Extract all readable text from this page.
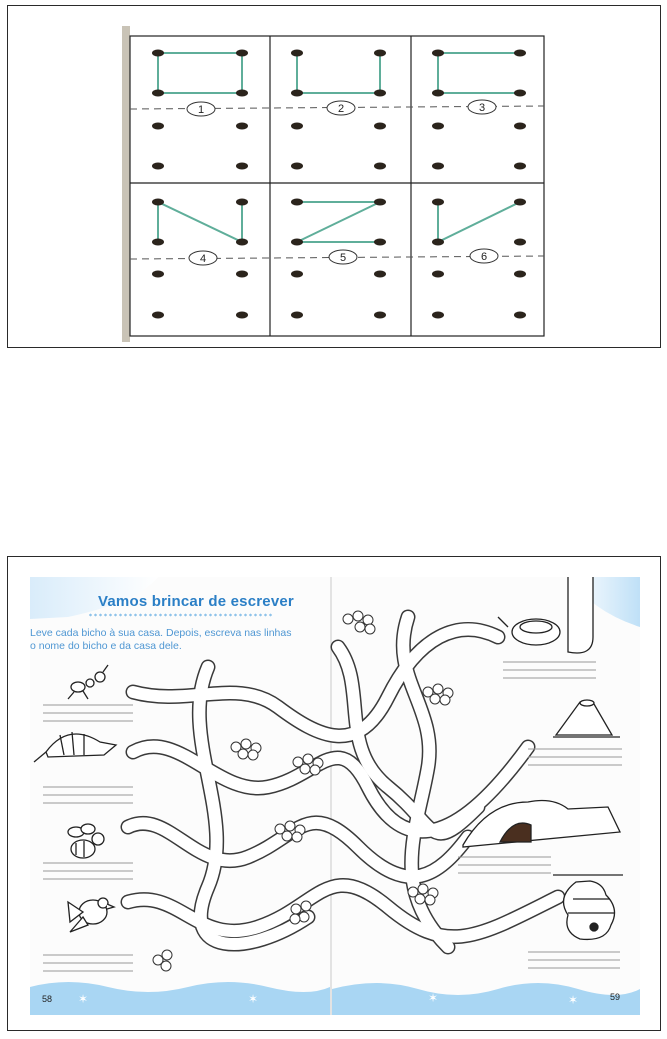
1	2	3
4	5	6
✶	✶	✶	✶
Vamos brincar de escrever
Leve cada bicho à sua casa. Depois, escreva nas linhas o nome do bicho e da casa dele.
58	59
